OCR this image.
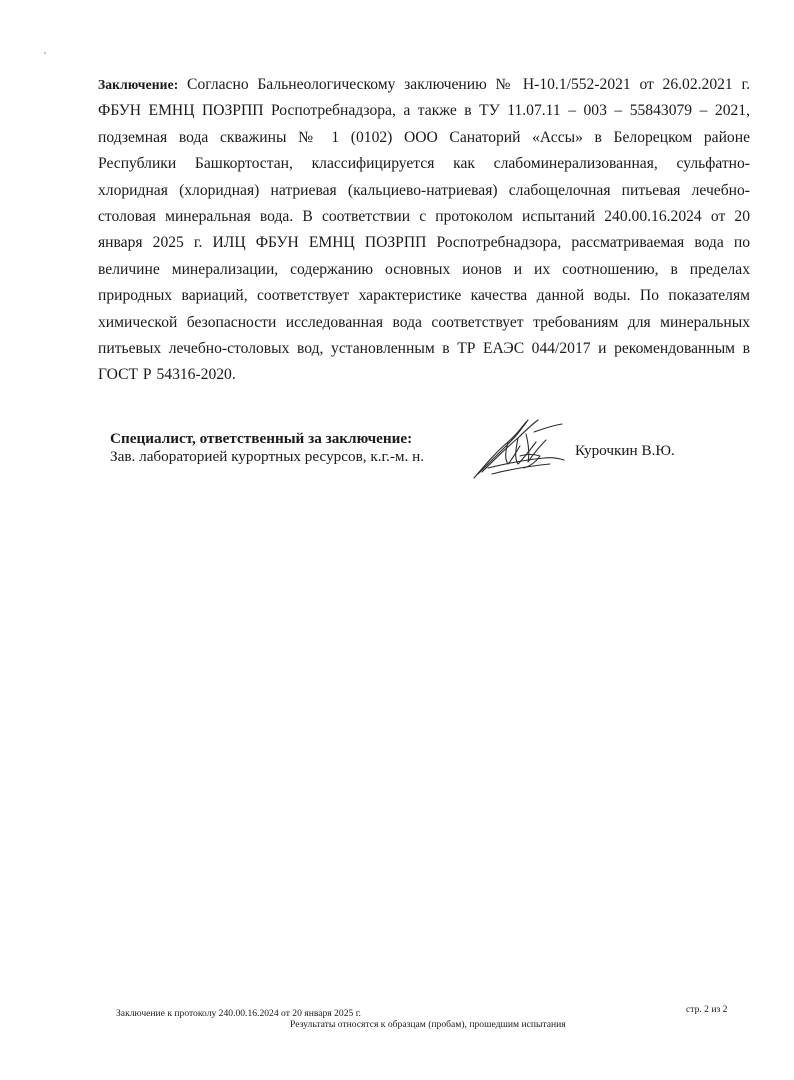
'

Заключение: Согласно Бальнеологическому заключению № Н-10.1/552-2021 от 26.02.2021 г. ФБУН ЕМНЦ ПОЗРПП Роспотребнадзора, а также в ТУ 11.07.11 – 003 – 55843079 – 2021, подземная вода скважины № 1 (0102) ООО Санаторий «Ассы» в Белорецком районе Республики Башкортостан, классифицируется как слабоминерализованная, сульфатно-хлоридная (хлоридная) натриевая (кальциево-натриевая) слабощелочная питьевая лечебно-столовая минеральная вода. В соответствии с протоколом испытаний 240.00.16.2024 от 20 января 2025 г. ИЛЦ ФБУН ЕМНЦ ПОЗРПП Роспотребнадзора, рассматриваемая вода по величине минерализации, содержанию основных ионов и их соотношению, в пределах природных вариаций, соответствует характеристике качества данной воды. По показателям химической безопасности исследованная вода соответствует требованиям для минеральных питьевых лечебно-столовых вод, установленным в ТР ЕАЭС 044/2017 и рекомендованным в ГОСТ Р 54316-2020.

Специалист, ответственный за заключение:
Зав. лабораторией курортных ресурсов, к.г.-м. н.	Курочкин В.Ю.
Заключение к протоколу 240.00.16.2024 от 20 января 2025 г.	стр. 2 из 2
Результаты относятся к образцам (пробам), прошедшим испытания
